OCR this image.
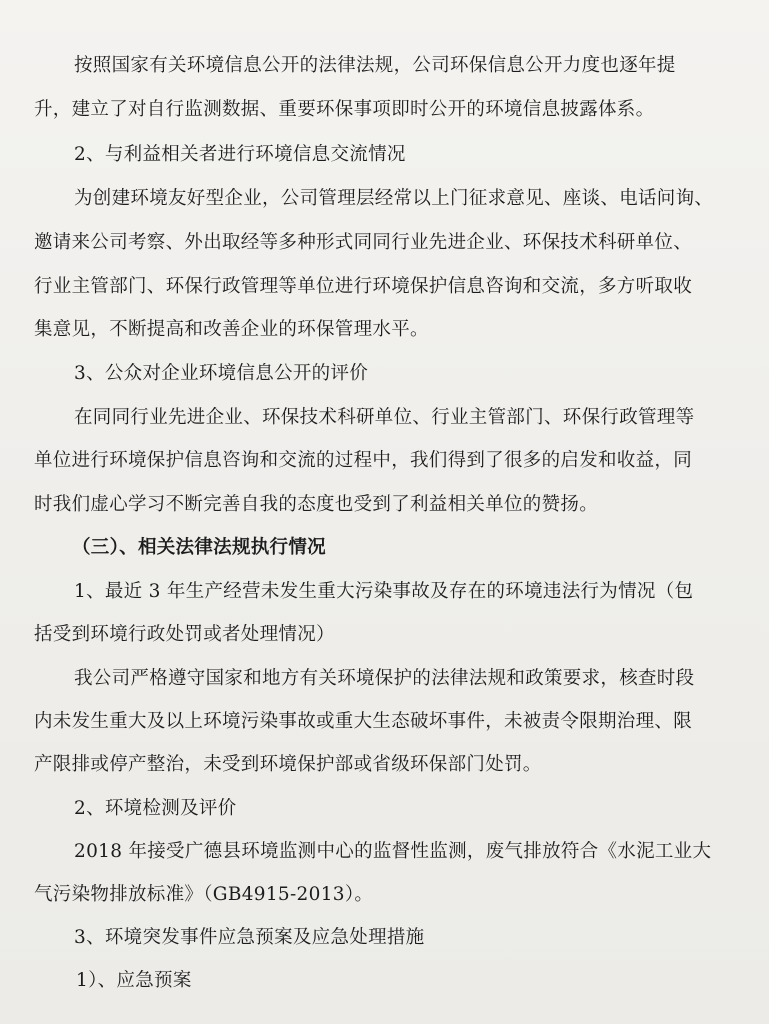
按照国家有关环境信息公开的法律法规，公司环保信息公开力度也逐年提
升，建立了对自行监测数据、重要环保事项即时公开的环境信息披露体系。
2、与利益相关者进行环境信息交流情况
为创建环境友好型企业，公司管理层经常以上门征求意见、座谈、电话问询、
邀请来公司考察、外出取经等多种形式同同行业先进企业、环保技术科研单位、
行业主管部门、环保行政管理等单位进行环境保护信息咨询和交流，多方听取收
集意见，不断提高和改善企业的环保管理水平。
3、公众对企业环境信息公开的评价
在同同行业先进企业、环保技术科研单位、行业主管部门、环保行政管理等
单位进行环境保护信息咨询和交流的过程中，我们得到了很多的启发和收益，同
时我们虚心学习不断完善自我的态度也受到了利益相关单位的赞扬。
（三）、相关法律法规执行情况
1、最近 3 年生产经营未发生重大污染事故及存在的环境违法行为情况（包
括受到环境行政处罚或者处理情况）
我公司严格遵守国家和地方有关环境保护的法律法规和政策要求，核查时段
内未发生重大及以上环境污染事故或重大生态破坏事件，未被责令限期治理、限
产限排或停产整治，未受到环境保护部或省级环保部门处罚。
2、环境检测及评价
2018 年接受广德县环境监测中心的监督性监测，废气排放符合《水泥工业大
气污染物排放标准》（GB4915-2013）。
3、环境突发事件应急预案及应急处理措施
1）、应急预案
